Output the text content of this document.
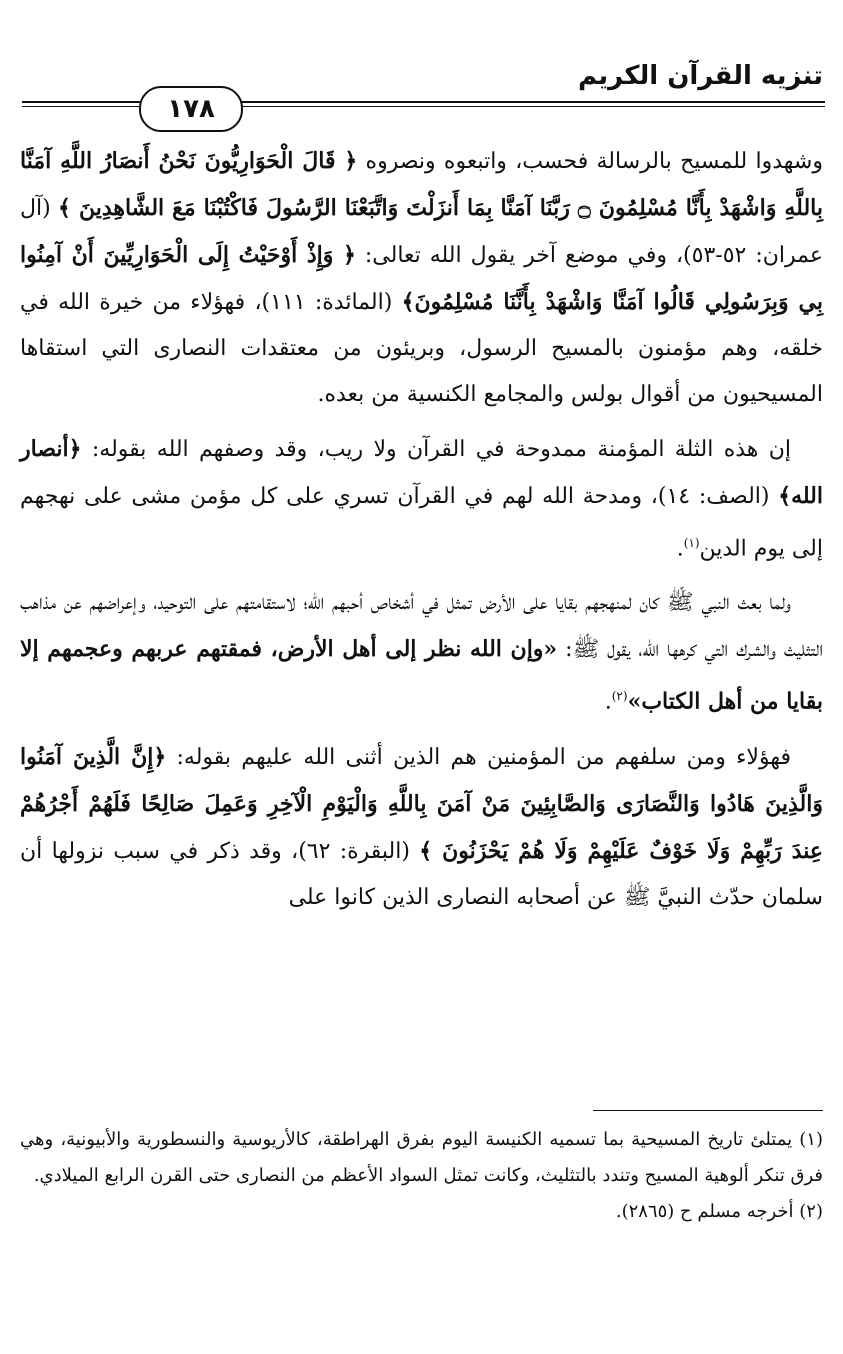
تنزيه القرآن الكريم
١٧٨

وشهدوا للمسيح بالرسالة فحسب، واتبعوه ونصروه ﴿ قَالَ الْحَوَارِيُّونَ نَحْنُ أَنصَارُ اللَّهِ آمَنَّا بِاللَّهِ وَاشْهَدْ بِأَنَّا مُسْلِمُونَ ۝ رَبَّنَا آمَنَّا بِمَا أَنزَلْتَ وَاتَّبَعْنَا الرَّسُولَ فَاكْتُبْنَا مَعَ الشَّاهِدِينَ ﴾ (آل عمران: ٥٢-٥٣)، وفي موضع آخر يقول الله تعالى: ﴿ وَإِذْ أَوْحَيْتُ إِلَى الْحَوَارِيِّينَ أَنْ آمِنُوا بِي وَبِرَسُولِي قَالُوا آمَنَّا وَاشْهَدْ بِأَنَّنَا مُسْلِمُونَ﴾ (المائدة: ١١١)، فهؤلاء من خيرة الله في خلقه، وهم مؤمنون بالمسيح الرسول، وبريئون من معتقدات النصارى التي استقاها المسيحيون من أقوال بولس والمجامع الكنسية من بعده.

إن هذه الثلة المؤمنة ممدوحة في القرآن ولا ريب، وقد وصفهم الله بقوله: ﴿أنصار الله﴾ (الصف: ١٤)، ومدحة الله لهم في القرآن تسري على كل مؤمن مشى على نهجهم إلى يوم الدين$^{(١)}$.

ولما بعث النبي ﷺ كان لمنهجهم بقايا على الأرض تمثل في أشخاص أحبهم الله؛ لاستقامتهم على التوحيد، وإعراضهم عن مذاهب التثليث والشرك التي كرهها الله، يقول ﷺ: «وإن الله نظر إلى أهل الأرض، فمقتهم عربهم وعجمهم إلا بقايا من أهل الكتاب»$^{(٢)}$.

فهؤلاء ومن سلفهم من المؤمنين هم الذين أثنى الله عليهم بقوله: ﴿إِنَّ الَّذِينَ آمَنُوا وَالَّذِينَ هَادُوا وَالنَّصَارَى وَالصَّابِئِينَ مَنْ آمَنَ بِاللَّهِ وَالْيَوْمِ الْآخِرِ وَعَمِلَ صَالِحًا فَلَهُمْ أَجْرُهُمْ عِندَ رَبِّهِمْ وَلَا خَوْفٌ عَلَيْهِمْ وَلَا هُمْ يَحْزَنُونَ ﴾ (البقرة: ٦٢)، وقد ذكر في سبب نزولها أن سلمان حدّث النبيَّ ﷺ عن أصحابه النصارى الذين كانوا على

(١) يمتلئ تاريخ المسيحية بما تسميه الكنيسة اليوم بفرق الهراطقة، كالأريوسية والنسطورية والأبيونية، وهي فرق تنكر ألوهية المسيح وتندد بالتثليث، وكانت تمثل السواد الأعظم من النصارى حتى القرن الرابع الميلادي.

(٢) أخرجه مسلم ح (٢٨٦٥).
